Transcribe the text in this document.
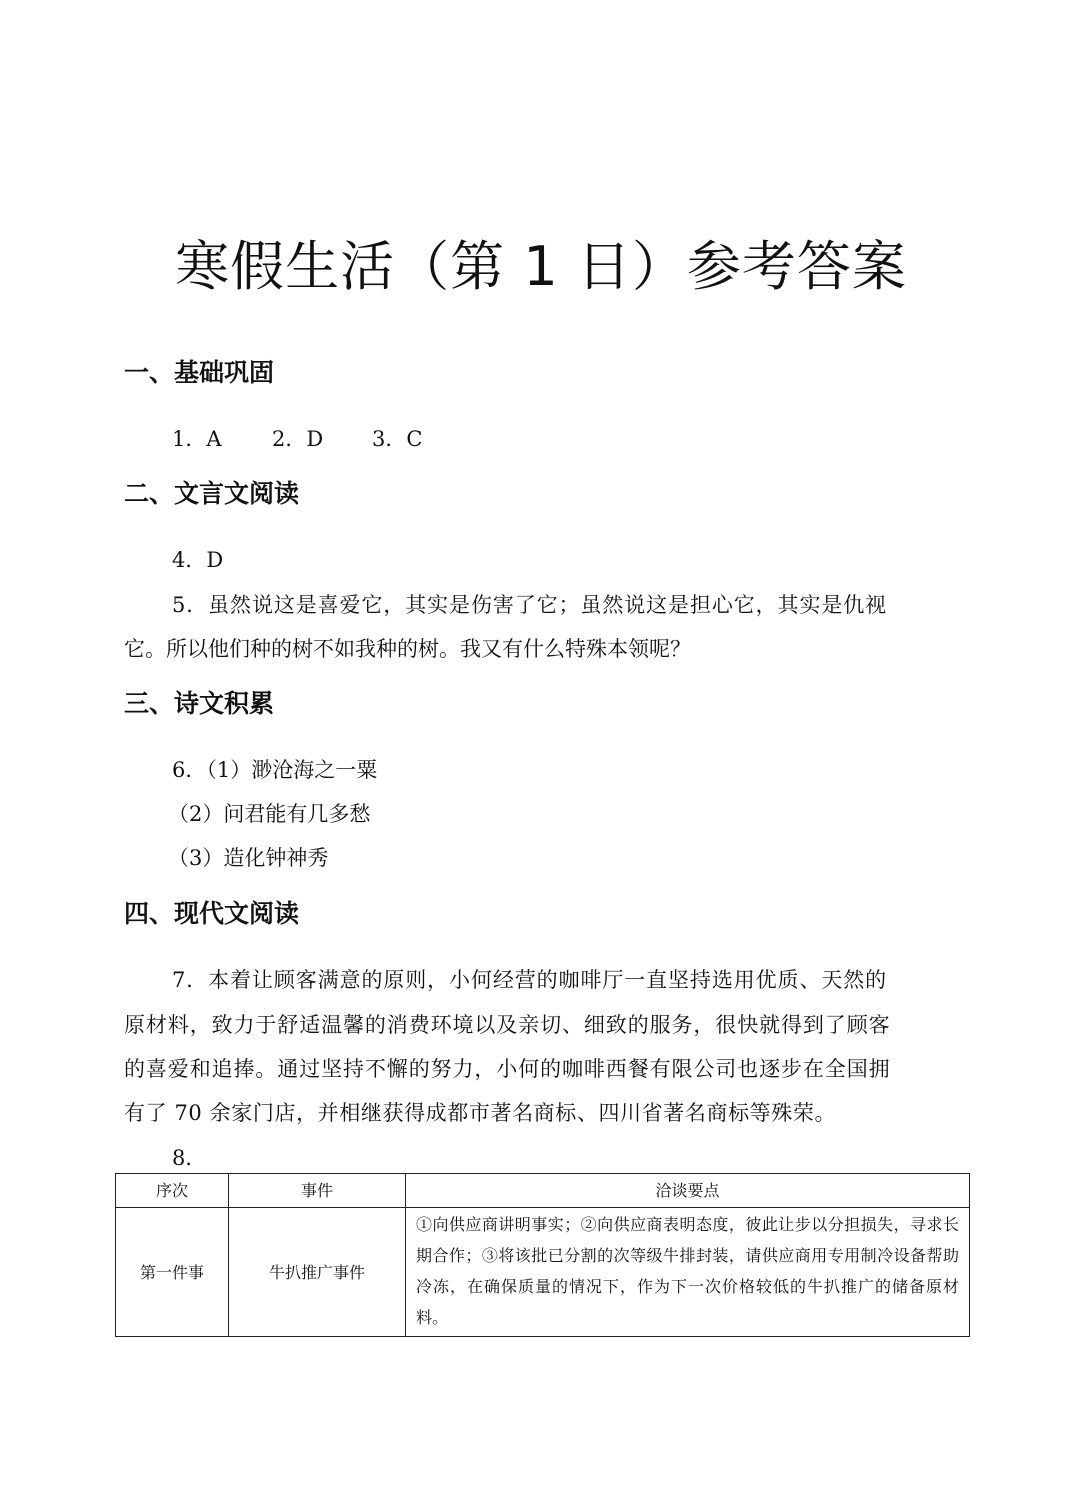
寒假生活（第 1 日）参考答案
一、基础巩固
1．A 2．D 3．C
二、文言文阅读
4．D
5．虽然说这是喜爱它，其实是伤害了它；虽然说这是担心它，其实是仇视
它。所以他们种的树不如我种的树。我又有什么特殊本领呢？
三、诗文积累
6．（1）渺沧海之一粟
（2）问君能有几多愁
（3）造化钟神秀
四、现代文阅读
7．本着让顾客满意的原则，小何经营的咖啡厅一直坚持选用优质、天然的
原材料，致力于舒适温馨的消费环境以及亲切、细致的服务，很快就得到了顾客
的喜爱和追捧。通过坚持不懈的努力，小何的咖啡西餐有限公司也逐步在全国拥
有了 70 余家门店，并相继获得成都市著名商标、四川省著名商标等殊荣。
8．
序次	事件	洽谈要点
第一件事	牛扒推广事件	①向供应商讲明事实；②向供应商表明态度，彼此让步以分担损失，寻求长期合作；③将该批已分割的次等级牛排封装，请供应商用专用制冷设备帮助冷冻，在确保质量的情况下，作为下一次价格较低的牛扒推广的储备原材料。
